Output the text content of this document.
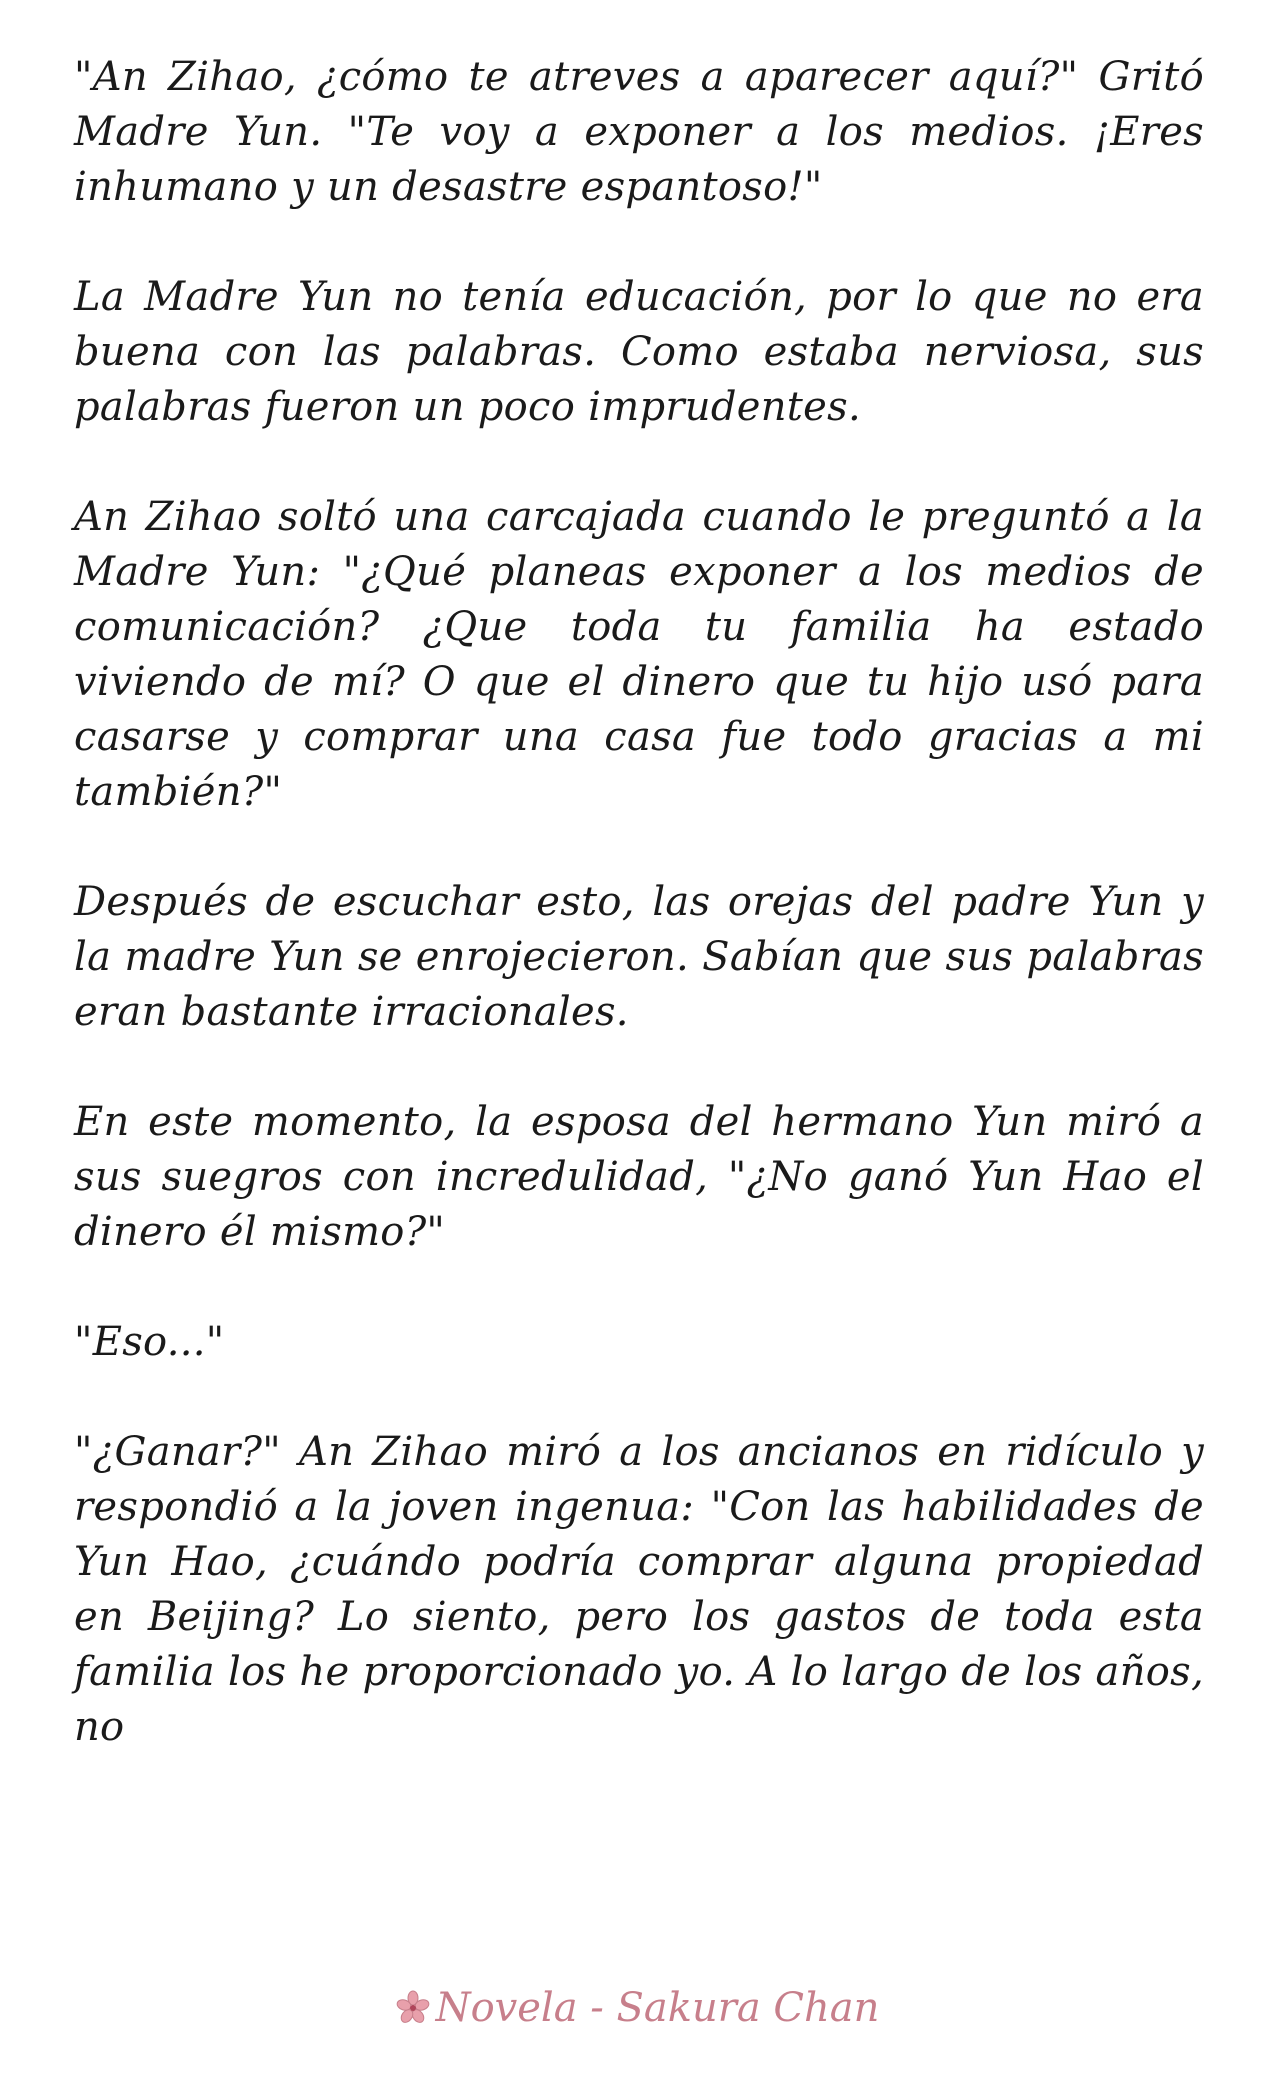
"An Zihao, ¿cómo te atreves a aparecer aquí?" Gritó Madre Yun. "Te voy a exponer a los medios. ¡Eres inhumano y un desastre espantoso!"

La Madre Yun no tenía educación, por lo que no era buena con las palabras. Como estaba nerviosa, sus palabras fueron un poco imprudentes.

An Zihao soltó una carcajada cuando le preguntó a la Madre Yun: "¿Qué planeas exponer a los medios de comunicación? ¿Que toda tu familia ha estado viviendo de mí? O que el dinero que tu hijo usó para casarse y comprar una casa fue todo gracias a mi también?"

Después de escuchar esto, las orejas del padre Yun y la madre Yun se enrojecieron. Sabían que sus palabras eran bastante irracionales.

En este momento, la esposa del hermano Yun miró a sus suegros con incredulidad, "¿No ganó Yun Hao el dinero él mismo?"

"Eso..."

"¿Ganar?" An Zihao miró a los ancianos en ridículo y respondió a la joven ingenua: "Con las habilidades de Yun Hao, ¿cuándo podría comprar alguna propiedad en Beijing? Lo siento, pero los gastos de toda esta familia los he proporcionado yo. A lo largo de los años, no

Novela - Sakura Chan
